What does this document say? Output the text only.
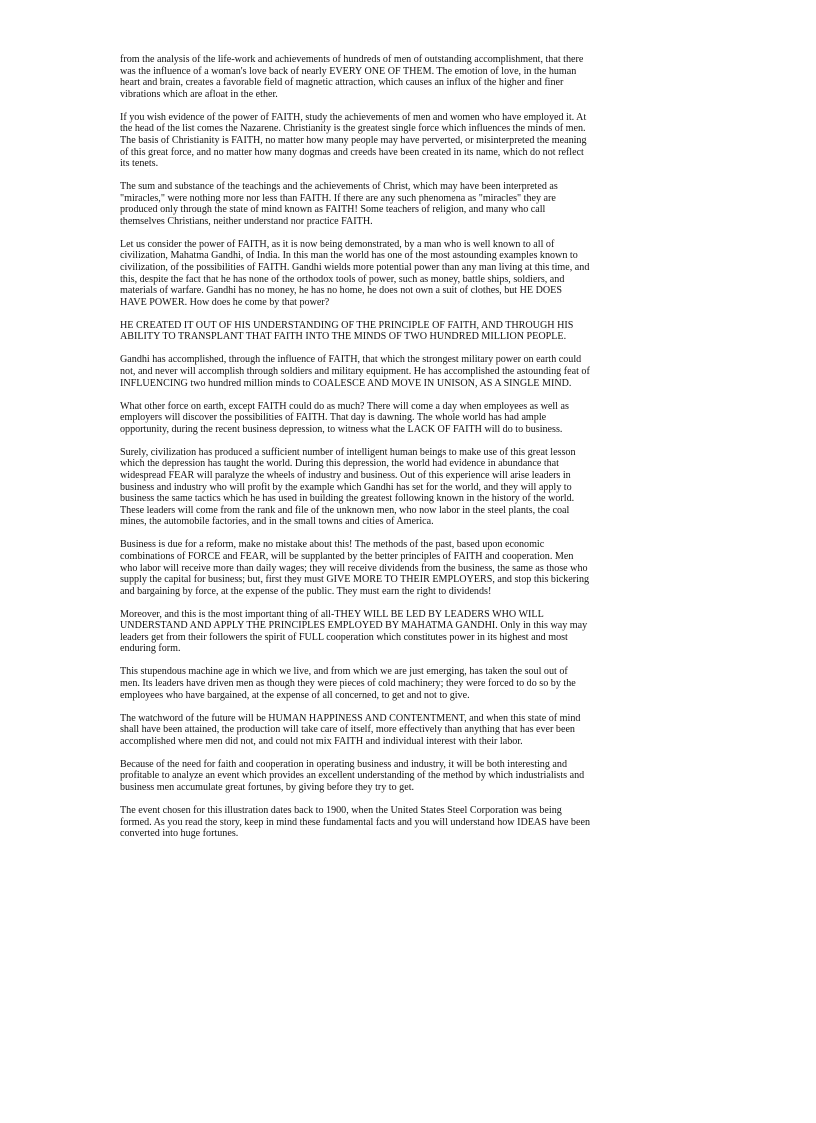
from the analysis of the life-work and achievements of hundreds of men of outstanding accomplishment, that there was the influence of a woman's love back of nearly EVERY ONE OF THEM. The emotion of love, in the human heart and brain, creates a favorable field of magnetic attraction, which causes an influx of the higher and finer vibrations which are afloat in the ether.

If you wish evidence of the power of FAITH, study the achievements of men and women who have employed it. At the head of the list comes the Nazarene. Christianity is the greatest single force which influences the minds of men. The basis of Christianity is FAITH, no matter how many people may have perverted, or misinterpreted the meaning of this great force, and no matter how many dogmas and creeds have been created in its name, which do not reflect its tenets.

The sum and substance of the teachings and the achievements of Christ, which may have been interpreted as "miracles," were nothing more nor less than FAITH. If there are any such phenomena as "miracles" they are produced only through the state of mind known as FAITH! Some teachers of religion, and many who call themselves Christians, neither understand nor practice FAITH.

Let us consider the power of FAITH, as it is now being demonstrated, by a man who is well known to all of civilization, Mahatma Gandhi, of India. In this man the world has one of the most astounding examples known to civilization, of the possibilities of FAITH. Gandhi wields more potential power than any man living at this time, and this, despite the fact that he has none of the orthodox tools of power, such as money, battle ships, soldiers, and materials of warfare. Gandhi has no money, he has no home, he does not own a suit of clothes, but HE DOES HAVE POWER. How does he come by that power?

HE CREATED IT OUT OF HIS UNDERSTANDING OF THE PRINCIPLE OF FAITH, AND THROUGH HIS ABILITY TO TRANSPLANT THAT FAITH INTO THE MINDS OF TWO HUNDRED MILLION PEOPLE.

Gandhi has accomplished, through the influence of FAITH, that which the strongest military power on earth could not, and never will accomplish through soldiers and military equipment. He has accomplished the astounding feat of INFLUENCING two hundred million minds to COALESCE AND MOVE IN UNISON, AS A SINGLE MIND.

What other force on earth, except FAITH could do as much? There will come a day when employees as well as employers will discover the possibilities of FAITH. That day is dawning. The whole world has had ample opportunity, during the recent business depression, to witness what the LACK OF FAITH will do to business.

Surely, civilization has produced a sufficient number of intelligent human beings to make use of this great lesson which the depression has taught the world. During this depression, the world had evidence in abundance that widespread FEAR will paralyze the wheels of industry and business. Out of this experience will arise leaders in business and industry who will profit by the example which Gandhi has set for the world, and they will apply to business the same tactics which he has used in building the greatest following known in the history of the world. These leaders will come from the rank and file of the unknown men, who now labor in the steel plants, the coal mines, the automobile factories, and in the small towns and cities of America.

Business is due for a reform, make no mistake about this! The methods of the past, based upon economic combinations of FORCE and FEAR, will be supplanted by the better principles of FAITH and cooperation. Men who labor will receive more than daily wages; they will receive dividends from the business, the same as those who supply the capital for business; but, first they must GIVE MORE TO THEIR EMPLOYERS, and stop this bickering and bargaining by force, at the expense of the public. They must earn the right to dividends!

Moreover, and this is the most important thing of all-THEY WILL BE LED BY LEADERS WHO WILL UNDERSTAND AND APPLY THE PRINCIPLES EMPLOYED BY MAHATMA GANDHI. Only in this way may leaders get from their followers the spirit of FULL cooperation which constitutes power in its highest and most enduring form.

This stupendous machine age in which we live, and from which we are just emerging, has taken the soul out of men. Its leaders have driven men as though they were pieces of cold machinery; they were forced to do so by the employees who have bargained, at the expense of all concerned, to get and not to give.

The watchword of the future will be HUMAN HAPPINESS AND CONTENTMENT, and when this state of mind shall have been attained, the production will take care of itself, more effectively than anything that has ever been accomplished where men did not, and could not mix FAITH and individual interest with their labor.

Because of the need for faith and cooperation in operating business and industry, it will be both interesting and profitable to analyze an event which provides an excellent understanding of the method by which industrialists and business men accumulate great fortunes, by giving before they try to get.

The event chosen for this illustration dates back to 1900, when the United States Steel Corporation was being formed. As you read the story, keep in mind these fundamental facts and you will understand how IDEAS have been converted into huge fortunes.
